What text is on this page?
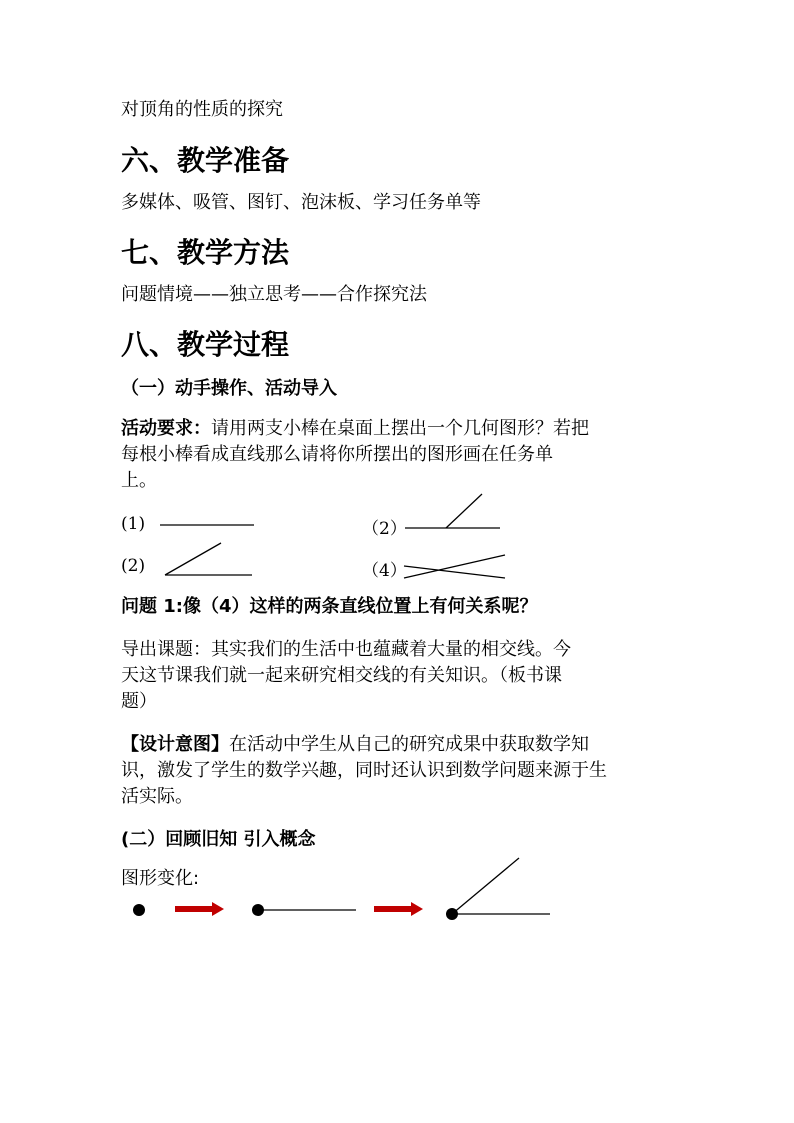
对顶角的性质的探究
六、教学准备
多媒体、吸管、图钉、泡沫板、学习任务单等
七、教学方法
问题情境——独立思考——合作探究法
八、教学过程
（一）动手操作、活动导入
活动要求：请用两支小棒在桌面上摆出一个几何图形？若把
每根小棒看成直线那么请将你所摆出的图形画在任务单
上。
(1)	（2）
(2)	（4）
问题 1:像（4）这样的两条直线位置上有何关系呢？
导出课题：其实我们的生活中也蕴藏着大量的相交线。今
天这节课我们就一起来研究相交线的有关知识。（板书课
题）
【设计意图】在活动中学生从自己的研究成果中获取数学知
识，激发了学生的数学兴趣，同时还认识到数学问题来源于生
活实际。
(二）回顾旧知 引入概念
图形变化:
